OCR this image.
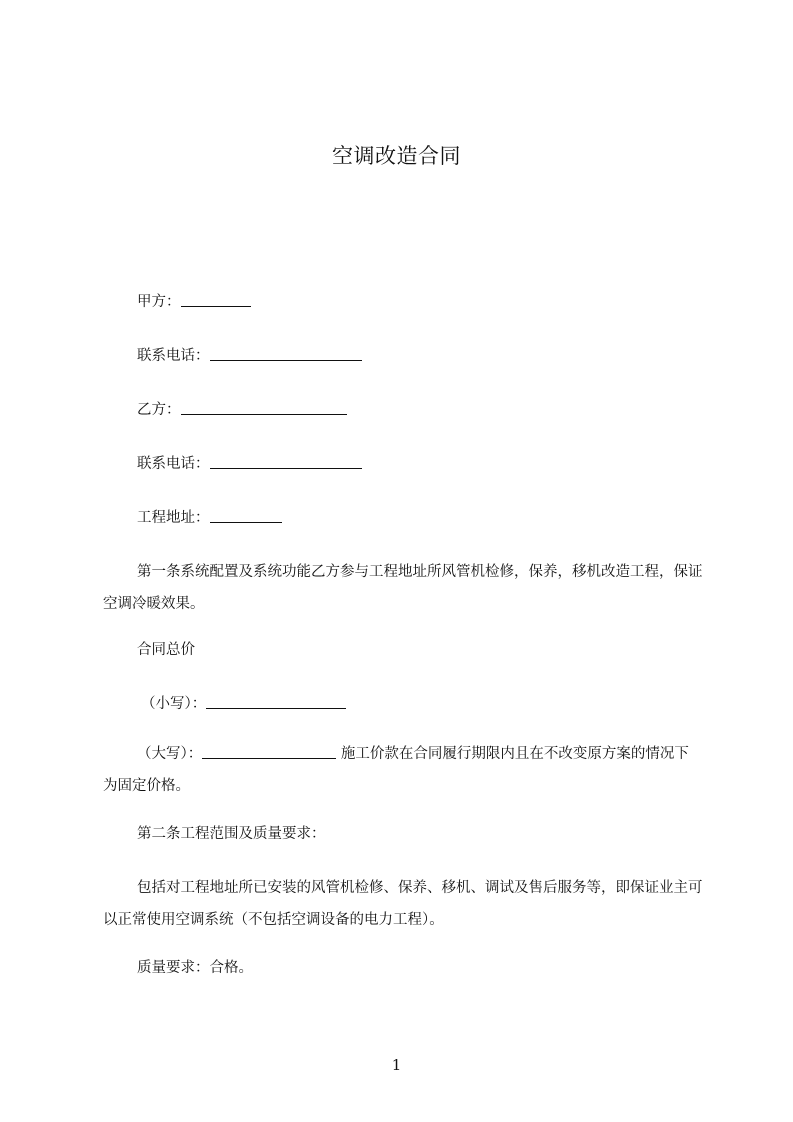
空调改造合同
甲方：
联系电话：
乙方：
联系电话：
工程地址：
第一条系统配置及系统功能乙方参与工程地址所风管机检修，保养，移机改造工程，保证空调冷暖效果。
合同总价
（小写）：
（大写）：	施工价款在合同履行期限内且在不改变原方案的情况下为固定价格。
第二条工程范围及质量要求：
包括对工程地址所已安装的风管机检修、保养、移机、调试及售后服务等，即保证业主可以正常使用空调系统（不包括空调设备的电力工程）。
质量要求：合格。
1
